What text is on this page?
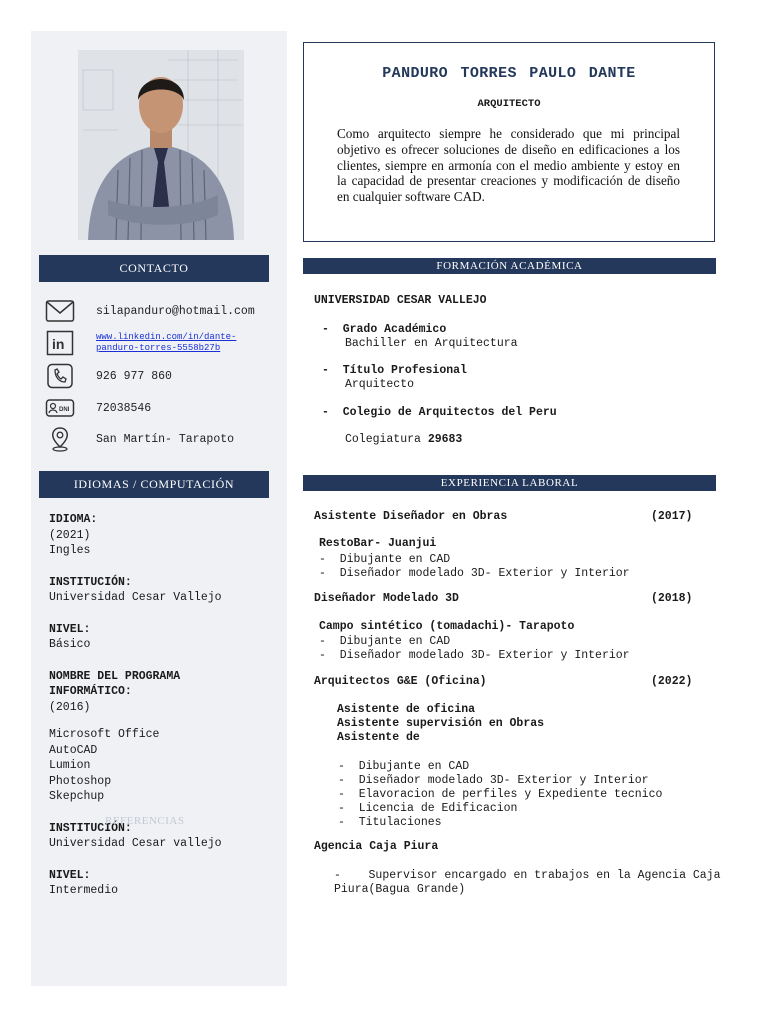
CONTACTO
silapanduro@hotmail.com
in	www.linkedin.com/in/dante-panduro-torres-5558b27b
926 977 860
DNI 72038546
San Martín- Tarapoto
IDIOMAS / COMPUTACIÓN
IDIOMA:
(2021)
Ingles
INSTITUCIÓN:
Universidad Cesar Vallejo
NIVEL:
Básico
NOMBRE DEL PROGRAMA INFORMÁTICO:
(2016)
Microsoft Office
AutoCAD
Lumion
Photoshop
Skepchup
INSTITUCIÓN:
Universidad Cesar vallejo
NIVEL:
Intermedio
REFERENCIAS
PANDURO TORRES PAULO DANTE
ARQUITECTO
Como arquitecto siempre he considerado que mi principal objetivo es ofrecer soluciones de diseño en edificaciones a los clientes, siempre en armonía con el medio ambiente y estoy en la capacidad de presentar creaciones y modificación de diseño en cualquier software CAD.
FORMACIÓN ACADÉMICA
UNIVERSIDAD CESAR VALLEJO
-  Grado Académico
Bachiller en Arquitectura
-  Título Profesional
Arquitecto
-  Colegio de Arquitectos del Peru
Colegiatura 29683
EXPERIENCIA LABORAL
Asistente Diseñador en Obras	(2017)
RestoBar- Juanjui
-  Dibujante en CAD
-  Diseñador modelado 3D- Exterior y Interior
Diseñador Modelado 3D	(2018)
Campo sintético (tomadachi)- Tarapoto
-  Dibujante en CAD
-  Diseñador modelado 3D- Exterior y Interior
Arquitectos G&E (Oficina)	(2022)
Asistente de oficina
Asistente supervisión en Obras
Asistente de
-  Dibujante en CAD
-  Diseñador modelado 3D- Exterior y Interior
-  Elavoracion de perfiles y Expediente tecnico
-  Licencia de Edificacion
-  Titulaciones
Agencia Caja Piura
-    Supervisor encargado en trabajos en la Agencia Caja Piura(Bagua Grande)
